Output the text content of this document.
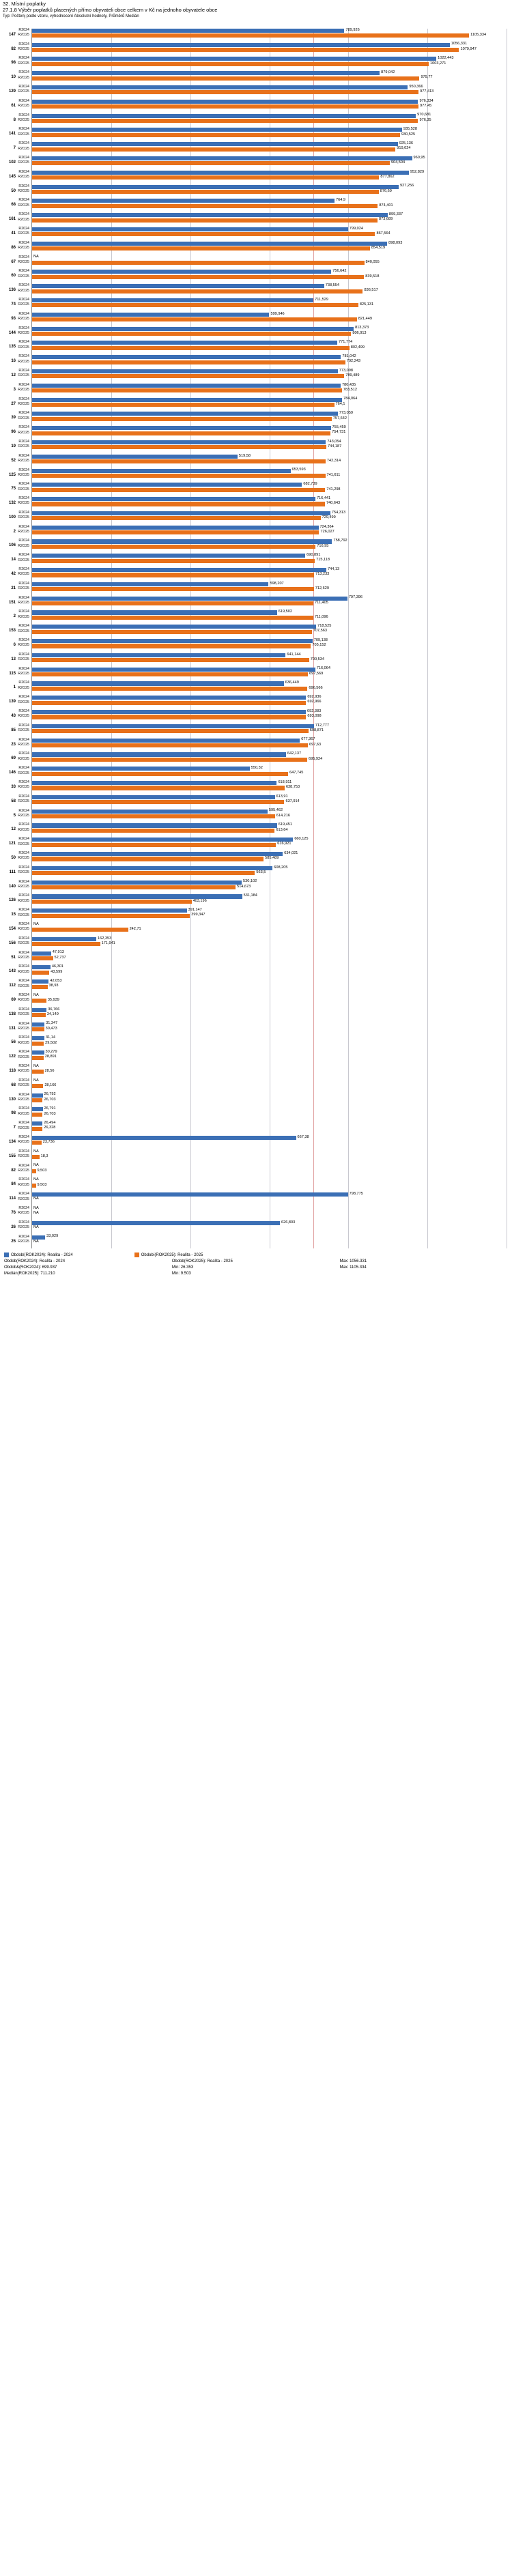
32. Místní poplatky
27.1.8 Výběr poplatků placených přímo obyvateli obce celkem v Kč na jednoho obyvatele obce
Typ: Počtenj podle vzoru, vyhodnocení Absolutní hodnoty, Průměrů Medián
147
R2024	789,926
R2O25	1105,334
82
R2024	1056,331
R2O25	1079,947
98
R2024	1022,443
R2O25	1003,271
10
R2024	879,042
R2O25	979,77
129
R2024	950,366
R2O25	977,413
61
R2024	976,334
R2O25	977,45
8
R2024	970,681
R2O25	976,35
141
R2024	935,528
R2O25	930,525
7
R2024	925,136
R2O25	919,024
102
R2024	960,95
R2O25	904,504
145
R2024	952,829
R2O25	877,862
50
R2024	927,256
R2O25	876,69
68
R2024	764,9
R2O25	874,401
161
R2024	899,337
R2O25	873,689
41
R2024	799,024
R2O25	867,564
86
R2024	898,093
R2O25	854,519
67
R2024 NA
R2O25	840,055
60
R2024	756,642
R2O25	839,518
136
R2024	738,554
R2O25	836,517
74
R2024	711,529
R2O25	825,131
93
R2024	599,946
R2O25	821,449
144
R2024	813,373
R2O25	806,913
135
R2024	771,774
R2O25	802,499
16
R2024	781,042
R2O25	792,243
12
R2024	773,098
R2O25	789,489
3
R2024	780,435
R2O25	783,512
27
R2024	784,064
R2O25	764,1
39
R2024	773,059
R2O25	757,642
96
R2024	755,459
R2O25	754,731
19
R2024	743,054
R2O25	744,187
52
R2024	519,58
R2O25	742,314
125
R2024	653,593
R2O25	741,611
75
R2024	682,739
R2O25	741,298
132
R2024	716,441
R2O25	740,643
100
R2024	754,313
R2O25	729,499
2
R2024	724,364
R2O25	726,027
106
R2024	758,792
R2O25	716,95
14
R2024	690,891
R2O25	715,118
42
R2024	744,13
R2O25	713,233
21
R2024	598,207
R2O25	712,629
151
R2024	797,396
R2O25	711,405
2
R2024	619,502
R2O25	711,096
153
R2024	718,525
R2O25	707,563
6
R2024	709,138
R2O25	705,152
13
R2024	641,144
R2O25	700,534
115
R2024	716,064
R2O25	697,569
1
R2024	636,449
R2O25	696,566
139
R2024	692,936
R2O25	692,966
43
R2024	692,383
R2O25	693,098
85
R2024	712,777
R2O25	698,871
23
R2024	677,367
R2O25	697,63
69
R2024	642,137
R2O25	695,924
146
R2024	550,32
R2O25	647,745
33
R2024	618,911
R2O25	638,753
58
R2024	613,91
R2O25	637,914
5
R2024	595,462
R2O25	614,216
12
R2024	619,451
R2O25	613,64
121
R2024	660,125
R2O25	616,921
50
R2024	634,021
R2O25	585,489
111
R2024	608,205
R2O25	563,5
140
R2024	530,102
R2O25	514,673
126
R2024	531,184
R2O25	403,196
15
R2024	391,147
R2O25	399,347
154
R2024 NA
R2O25	242,71
156
R2024	162,353
R2O25	171,941
51
R2024	47,913
R2O25	52,737
143
R2024	46,301
R2O25	43,599
112
R2024	42,053
R2O25	38,93
69
R2024 NA
R2O25	35,939
138
R2024	36,766
R2O25	34,149
131
R2024	31,347
R2O25	30,473
56
R2024	31,14
R2O25	29,502
122
R2024	30,279
R2O25	28,891
118
R2024 NA
R2O25	28,56
68
R2024 NA
R2O25	28,166
130
R2024	26,792
R2O25	26,703
98
R2024	26,791
R2O25	26,703
7
R2024	26,494
R2O25	26,328
134
R2024	667,38
R2O25	23,736
155
R2024 NA
R2O25	18,3
82
R2024 NA
R2O25 9,503
84
R2024 NA
R2O25 9,503
114
R2024	798,775
R2O25 NA
76
R2024 NA
R2O25 NA
26
R2024	626,803
R2O25 NA
25
R2024	33,029
R2O25 NA
Období(ROK2024): Realita - 2024	Období(ROK2025): Realita - 2025
Obdob(ROK2024): Realita - 2024
Obdob&(ROK2024): 699.937
Medián(ROK2025): 711.210
Obdob(ROK2025): Realita - 2025
Min: 26.353
Min: 9.503
Max: 1056.331
Max: 1105.334
